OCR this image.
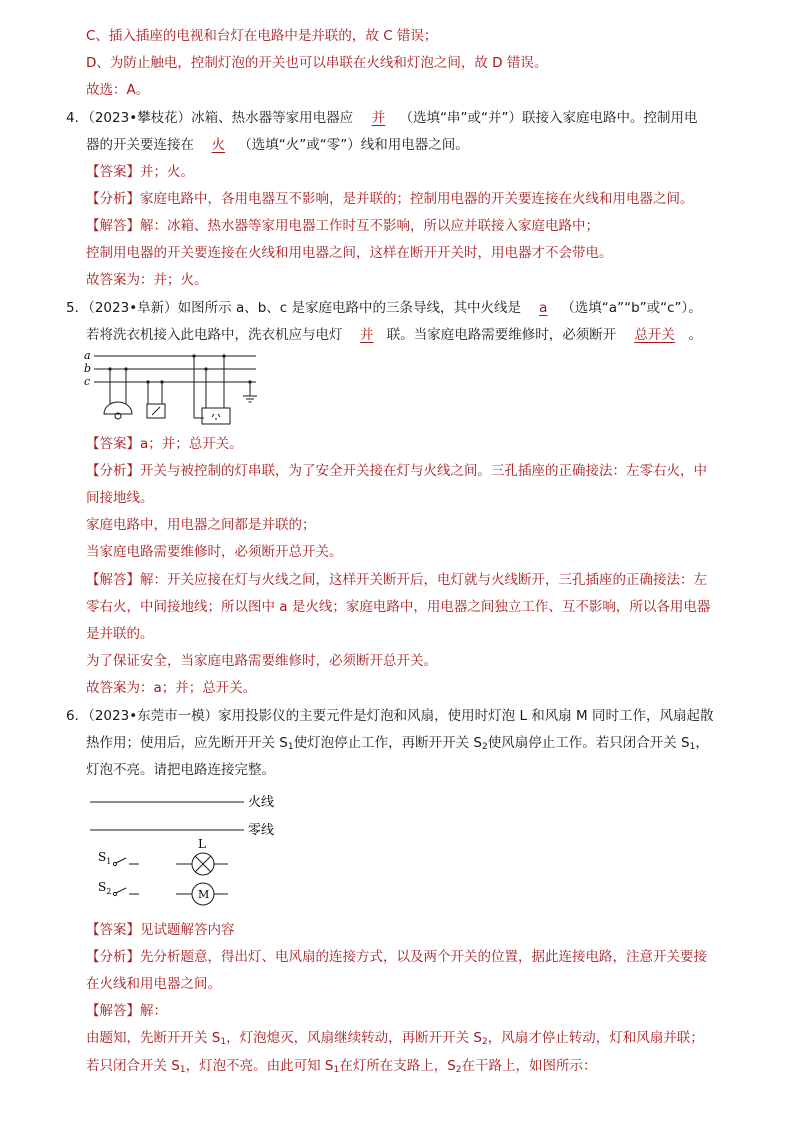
C、插入插座的电视和台灯在电路中是并联的，故 C 错误；
D、为防止触电，控制灯泡的开关也可以串联在火线和灯泡之间，故 D 错误。
故选：A。
4．（2023•攀枝花）冰箱、热水器等家用电器应 并 （选填“串”或“并”）联接入家庭电路中。控制用电
器的开关要连接在 火 （选填“火”或“零”）线和用电器之间。
【答案】并；火。
【分析】家庭电路中，各用电器互不影响，是并联的；控制用电器的开关要连接在火线和用电器之间。
【解答】解：冰箱、热水器等家用电器工作时互不影响，所以应并联接入家庭电路中；
控制用电器的开关要连接在火线和用电器之间，这样在断开开关时，用电器才不会带电。
故答案为：并；火。
5．（2023•阜新）如图所示 a、b、c 是家庭电路中的三条导线，其中火线是 a （选填“a”“b”或“c”）。
若将洗衣机接入此电路中，洗衣机应与电灯 并 联。当家庭电路需要维修时，必须断开 总开关 。
a
b
c
【答案】a；并；总开关。
【分析】开关与被控制的灯串联，为了安全开关接在灯与火线之间。三孔插座的正确接法：左零右火，中
间接地线。
家庭电路中，用电器之间都是并联的；
当家庭电路需要维修时，必须断开总开关。
【解答】解：开关应接在灯与火线之间，这样开关断开后，电灯就与火线断开，三孔插座的正确接法：左
零右火，中间接地线；所以图中 a 是火线；家庭电路中，用电器之间独立工作、互不影响，所以各用电器
是并联的。
为了保证安全，当家庭电路需要维修时，必须断开总开关。
故答案为：a；并；总开关。
6．（2023•东莞市一模）家用投影仪的主要元件是灯泡和风扇，使用时灯泡 L 和风扇 M 同时工作，风扇起散
热作用；使用后，应先断开开关 $S_1$使灯泡停止工作，再断开开关 $S_2$使风扇停止工作。若只闭合开关 $S_1$，
灯泡不亮。请把电路连接完整。
火线
零线
L
M
$S_1$
$S_2$
【答案】见试题解答内容
【分析】先分析题意，得出灯、电风扇的连接方式，以及两个开关的位置，据此连接电路，注意开关要接
在火线和用电器之间。
【解答】解：
由题知，先断开开关 $S_1$，灯泡熄灭，风扇继续转动，再断开开关 $S_2$，风扇才停止转动，灯和风扇并联；
若只闭合开关 $S_1$，灯泡不亮。由此可知 $S_1$在灯所在支路上，$S_2$在干路上，如图所示：
